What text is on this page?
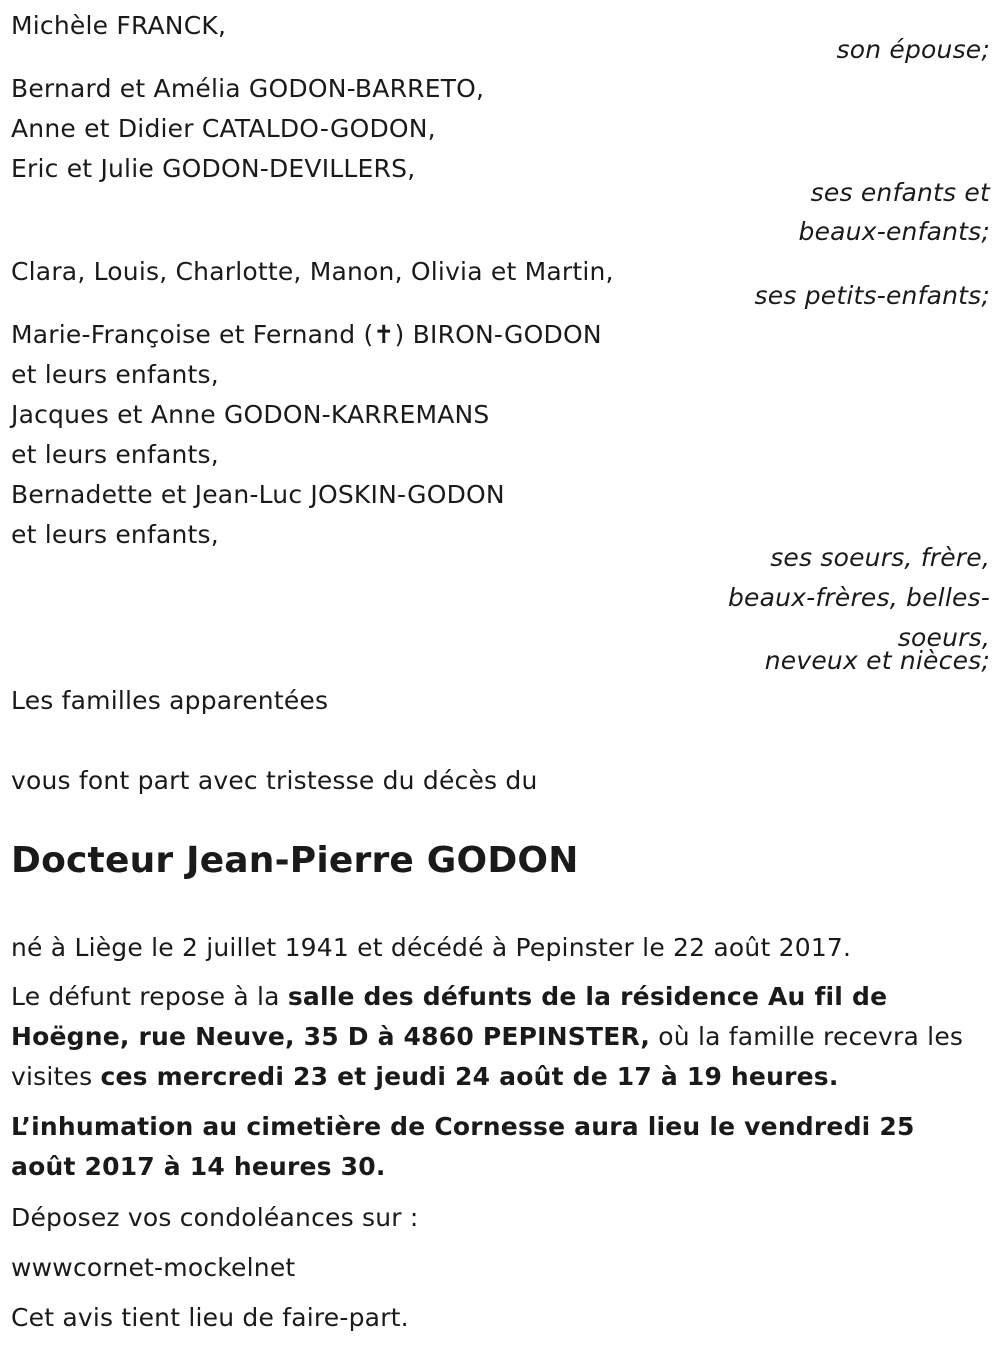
Michèle FRANCK,
son épouse;
Bernard et Amélia GODON-BARRETO,
Anne et Didier CATALDO-GODON,
Eric et Julie GODON-DEVILLERS,
ses enfants et
beaux-enfants;
Clara, Louis, Charlotte, Manon, Olivia et Martin,
ses petits-enfants;
Marie-Françoise et Fernand (✝) BIRON-GODON
et leurs enfants,
Jacques et Anne GODON-KARREMANS
et leurs enfants,
Bernadette et Jean-Luc JOSKIN-GODON
et leurs enfants,
ses soeurs, frère,
beaux-frères, belles-
soeurs,
neveux et nièces;
Les familles apparentées
vous font part avec tristesse du décès du
Docteur Jean-Pierre GODON
né à Liège le 2 juillet 1941 et décédé à Pepinster le 22 août 2017.
Le défunt repose à la salle des défunts de la résidence Au fil de Hoëgne, rue Neuve, 35 D à 4860 PEPINSTER, où la famille recevra les visites ces mercredi 23 et jeudi 24 août de 17 à 19 heures.
L’inhumation au cimetière de Cornesse aura lieu le vendredi 25 août 2017 à 14 heures 30.
Déposez vos condoléances sur :
wwwcornet-mockelnet
Cet avis tient lieu de faire-part.
